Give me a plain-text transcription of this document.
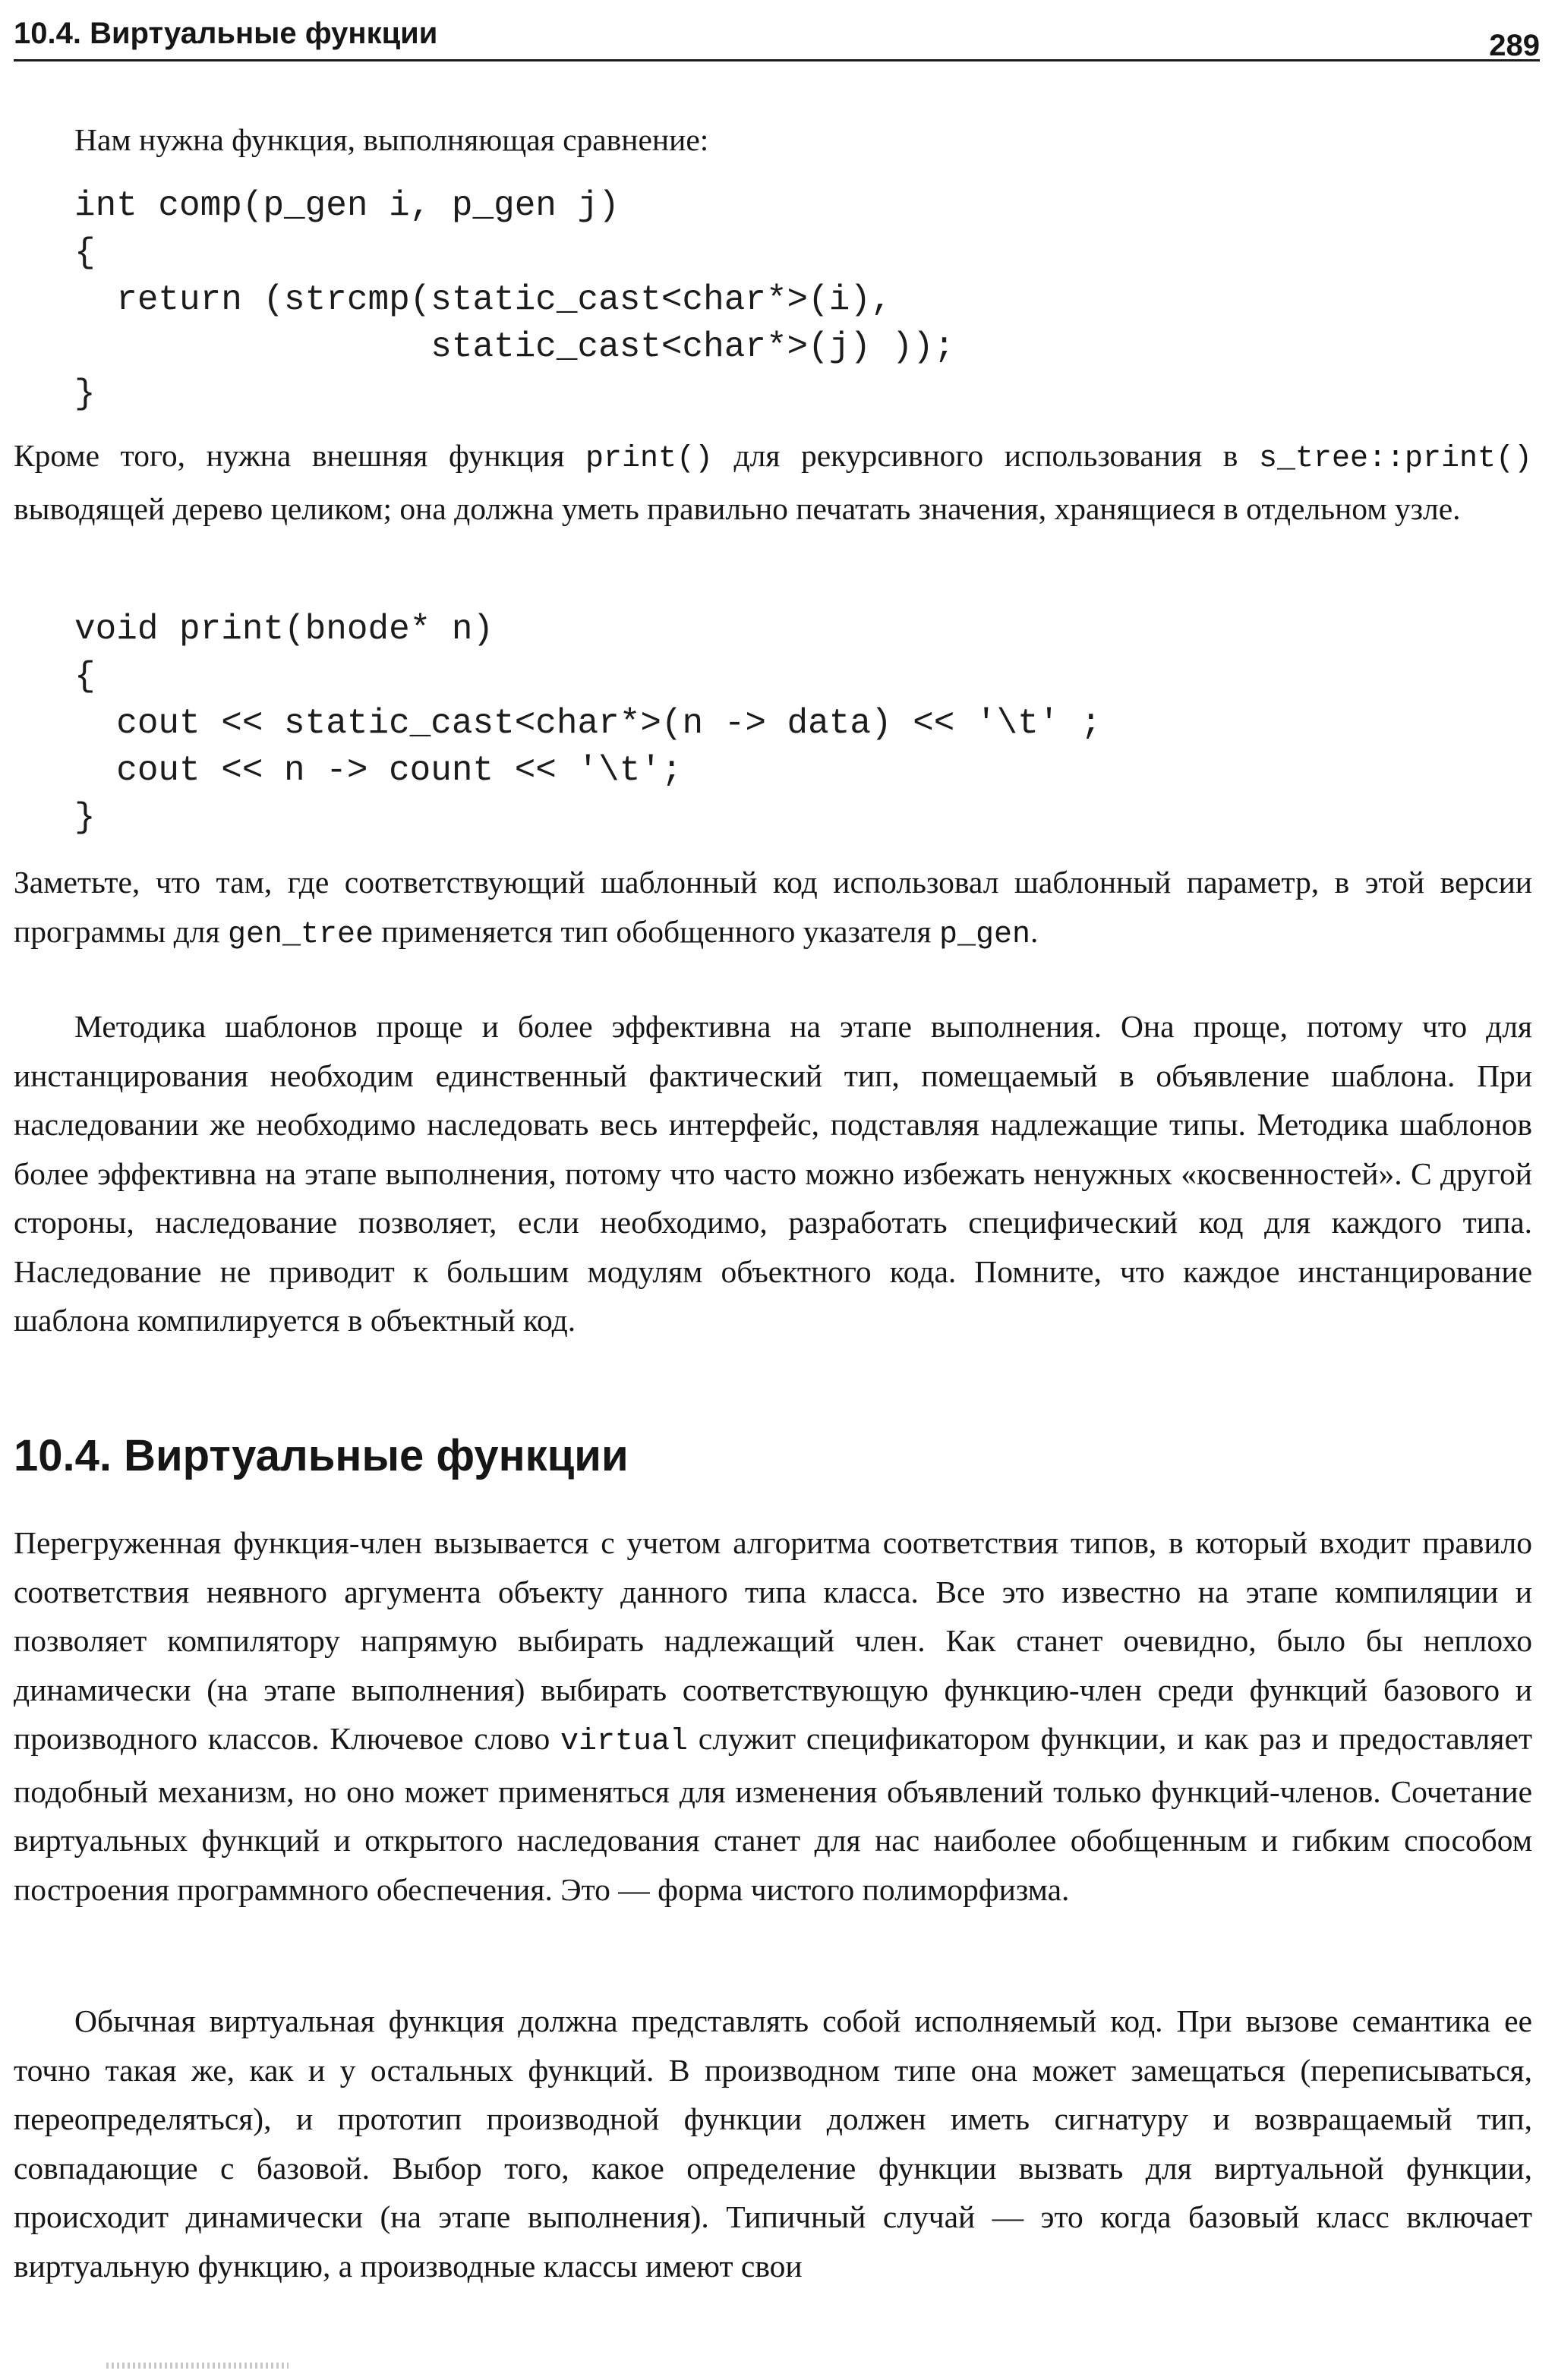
10.4. Виртуальные функции	289

Нам нужна функция, выполняющая сравнение:

int comp(p_gen i, p_gen j)
{
return (strcmp(static_cast<char*>(i),
static_cast<char*>(j) ));
}

Кроме того, нужна внешняя функция print() для рекурсивного использования в s_tree::print() выводящей дерево целиком; она должна уметь правильно печатать значения, хранящиеся в отдельном узле.

void print(bnode* n)
{
cout << static_cast<char*>(n -> data) << '\t' ;
cout << n -> count << '\t';
}

Заметьте, что там, где соответствующий шаблонный код использовал шаблонный параметр, в этой версии программы для gen_tree применяется тип обобщенного указателя p_gen.

Методика шаблонов проще и более эффективна на этапе выполнения. Она проще, потому что для инстанцирования необходим единственный фактический тип, помещаемый в объявление шаблона. При наследовании же необходимо наследовать весь интерфейс, подставляя надлежащие типы. Методика шаблонов более эффективна на этапе выполнения, потому что часто можно избежать ненужных «косвенностей». С другой стороны, наследование позволяет, если необходимо, разработать специфический код для каждого типа. Наследование не приводит к большим модулям объектного кода. Помните, что каждое инстанцирование шаблона компилируется в объектный код.

10.4. Виртуальные функции

Перегруженная функция-член вызывается с учетом алгоритма соответствия типов, в который входит правило соответствия неявного аргумента объекту данного типа класса. Все это известно на этапе компиляции и позволяет компилятору напрямую выбирать надлежащий член. Как станет очевидно, было бы неплохо динамически (на этапе выполнения) выбирать соответствующую функцию-член среди функций базового и производного классов. Ключевое слово virtual служит спецификатором функции, и как раз и предоставляет подобный механизм, но оно может применяться для изменения объявлений только функций-членов. Сочетание виртуальных функций и открытого наследования станет для нас наиболее обобщенным и гибким способом построения программного обеспечения. Это — форма чистого полиморфизма.

Обычная виртуальная функция должна представлять собой исполняемый код. При вызове семантика ее точно такая же, как и у остальных функций. В производном типе она может замещаться (переписываться, переопределяться), и прототип производной функции должен иметь сигнатуру и возвращаемый тип, совпадающие с базовой. Выбор того, какое определение функции вызвать для виртуальной функции, происходит динамически (на этапе выполнения). Типичный случай — это когда базовый класс включает виртуальную функцию, а производные классы имеют свои
